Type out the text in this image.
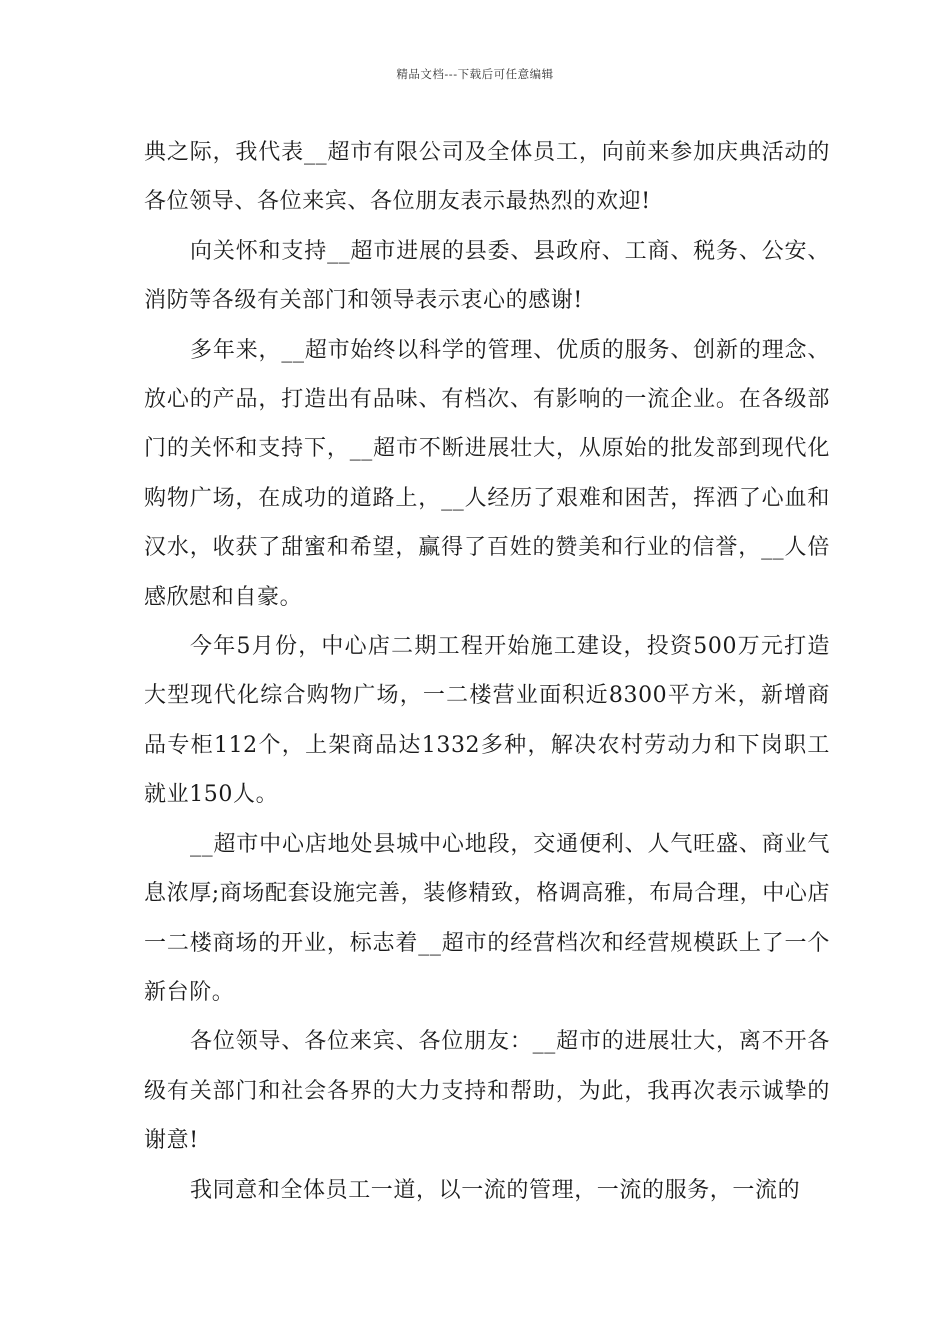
精品文档---下载后可任意编辑

典之际，我代表__超市有限公司及全体员工，向前来参加庆典活动的各位领导、各位来宾、各位朋友表示最热烈的欢迎!

向关怀和支持__超市进展的县委、县政府、工商、税务、公安、消防等各级有关部门和领导表示衷心的感谢!

多年来，__超市始终以科学的管理、优质的服务、创新的理念、放心的产品，打造出有品味、有档次、有影响的一流企业。在各级部门的关怀和支持下，__超市不断进展壮大，从原始的批发部到现代化购物广场，在成功的道路上，__人经历了艰难和困苦，挥洒了心血和汉水，收获了甜蜜和希望，赢得了百姓的赞美和行业的信誉，__人倍感欣慰和自豪。

今年5月份，中心店二期工程开始施工建设，投资500万元打造大型现代化综合购物广场，一二楼营业面积近8300平方米，新增商品专柜112个，上架商品达1332多种，解决农村劳动力和下岗职工就业150人。

__超市中心店地处县城中心地段，交通便利、人气旺盛、商业气息浓厚;商场配套设施完善，装修精致，格调高雅，布局合理，中心店一二楼商场的开业，标志着__超市的经营档次和经营规模跃上了一个新台阶。

各位领导、各位来宾、各位朋友：__超市的进展壮大，离不开各级有关部门和社会各界的大力支持和帮助，为此，我再次表示诚挚的谢意!

我同意和全体员工一道，以一流的管理，一流的服务，一流的
